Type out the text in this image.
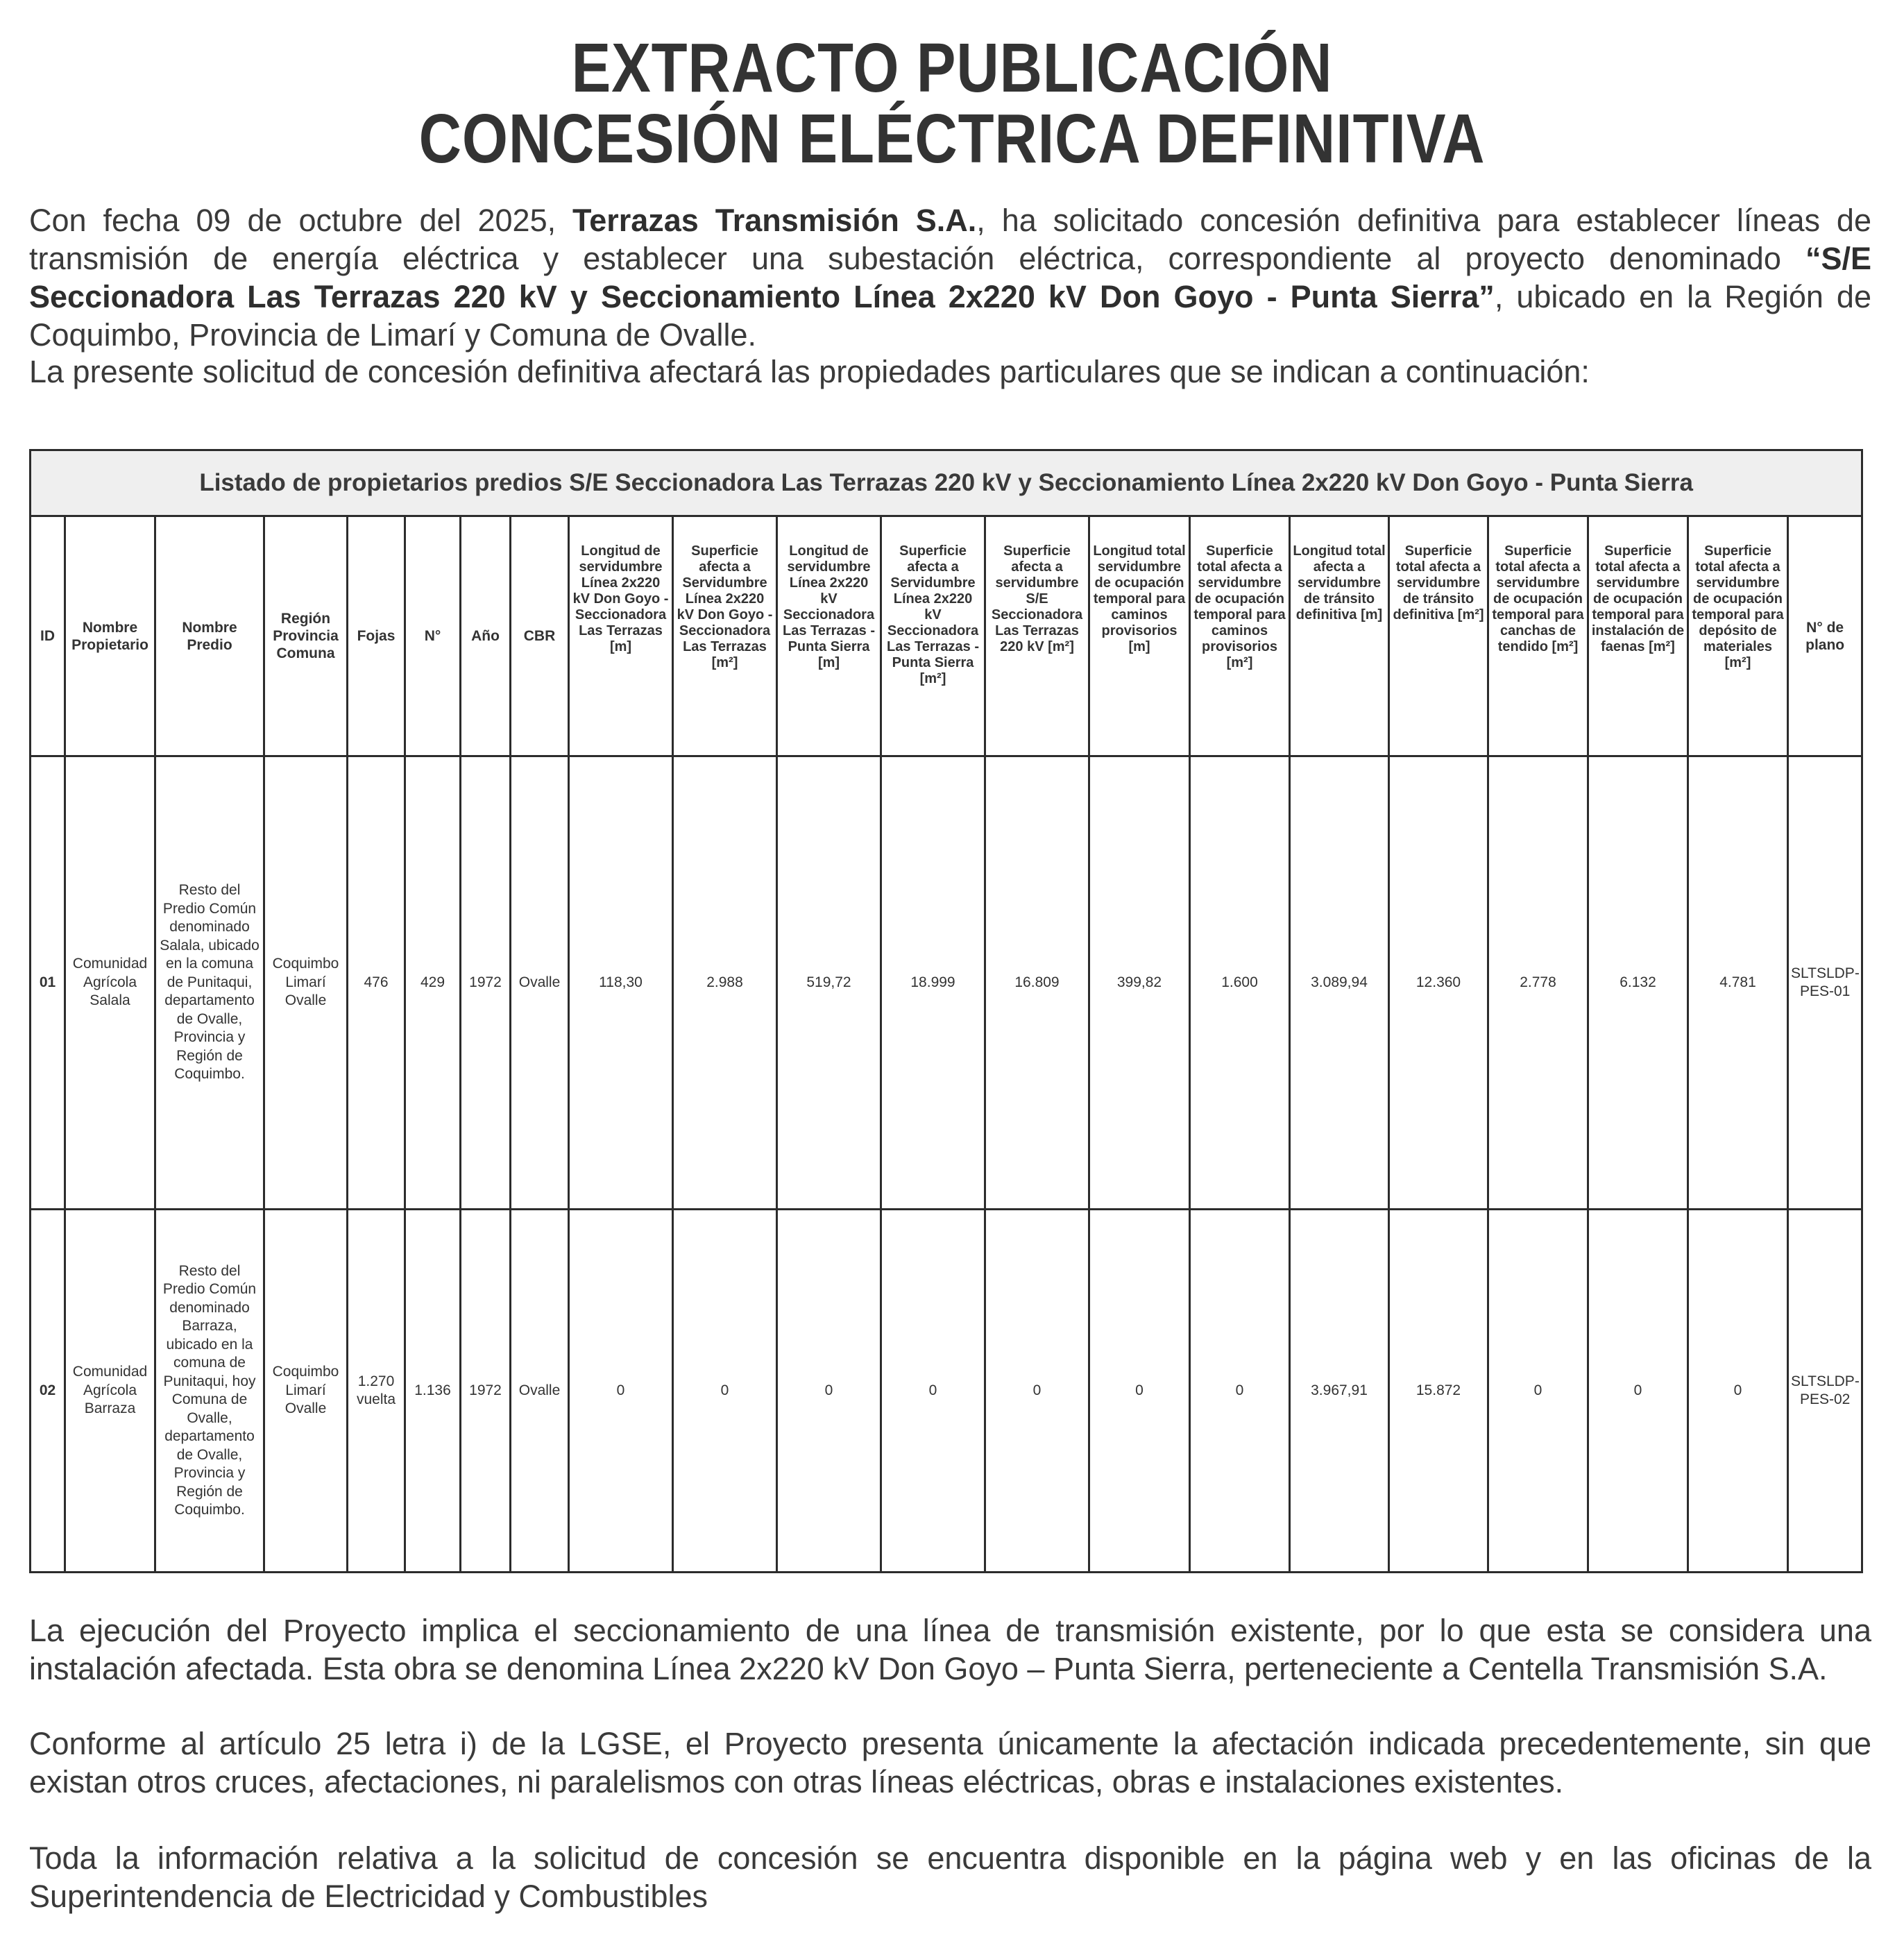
EXTRACTO PUBLICACIÓN
CONCESIÓN ELÉCTRICA DEFINITIVA

Con fecha 09 de octubre del 2025, Terrazas Transmisión S.A., ha solicitado concesión definitiva para establecer líneas de transmisión de energía eléctrica y establecer una subestación eléctrica, correspondiente al proyecto denominado “S/E Seccionadora Las Terrazas 220 kV y Seccionamiento Línea 2x220 kV Don Goyo - Punta Sierra”, ubicado en la Región de Coquimbo, Provincia de Limarí y Comuna de Ovalle.

La presente solicitud de concesión definitiva afectará las propiedades particulares que se indican a continuación:

Listado de propietarios predios S/E Seccionadora Las Terrazas 220 kV y Seccionamiento Línea 2x220 kV Don Goyo - Punta Sierra																				
ID	Nombre Propietario	Nombre Predio	Región Provincia Comuna	Fojas	N°	Año	CBR	Longitud de servidumbre Línea 2x220 kV Don Goyo - Seccionadora Las Terrazas [m]	Superficie afecta a Servidumbre Línea 2x220 kV Don Goyo - Seccionadora Las Terrazas [m²]	Longitud de servidumbre Línea 2x220 kV Seccionadora Las Terrazas - Punta Sierra [m]	Superficie afecta a Servidumbre Línea 2x220 kV Seccionadora Las Terrazas - Punta Sierra [m²]	Superficie afecta a servidumbre S/E Seccionadora Las Terrazas 220 kV [m²]	Longitud total servidumbre de ocupación temporal para caminos provisorios [m]	Superficie total afecta a servidumbre de ocupación temporal para caminos provisorios [m²]	Longitud total afecta a servidumbre de tránsito definitiva [m]	Superficie total afecta a servidumbre de tránsito definitiva [m²]	Superficie total afecta a servidumbre de ocupación temporal para canchas de tendido [m²]	Superficie total afecta a servidumbre de ocupación temporal para instalación de faenas [m²]	Superficie total afecta a servidumbre de ocupación temporal para depósito de materiales [m²]	N° de plano
01	Comunidad Agrícola Salala	Resto del Predio Común denominado Salala, ubicado en la comuna de Punitaqui, departamento de Ovalle, Provincia y Región de Coquimbo.	Coquimbo Limarí Ovalle	476	429	1972	Ovalle	118,30	2.988	519,72	18.999	16.809	399,82	1.600	3.089,94	12.360	2.778	6.132	4.781	SLTSLDP-PES-01
02	Comunidad Agrícola Barraza	Resto del Predio Común denominado Barraza, ubicado en la comuna de Punitaqui, hoy Comuna de Ovalle, departamento de Ovalle, Provincia y Región de Coquimbo.	Coquimbo Limarí Ovalle	1.270 vuelta	1.136	1972	Ovalle	0	0	0	0	0	0	0	3.967,91	15.872	0	0	0	SLTSLDP-PES-02

La ejecución del Proyecto implica el seccionamiento de una línea de transmisión existente, por lo que esta se considera una instalación afectada. Esta obra se denomina Línea 2x220 kV Don Goyo – Punta Sierra, perteneciente a Centella Transmisión S.A.

Conforme al artículo 25 letra i) de la LGSE, el Proyecto presenta únicamente la afectación indicada precedentemente, sin que existan otros cruces, afectaciones, ni paralelismos con otras líneas eléctricas, obras e instalaciones existentes.

Toda la información relativa a la solicitud de concesión se encuentra disponible en la página web y en las oficinas de la Superintendencia de Electricidad y Combustibles
